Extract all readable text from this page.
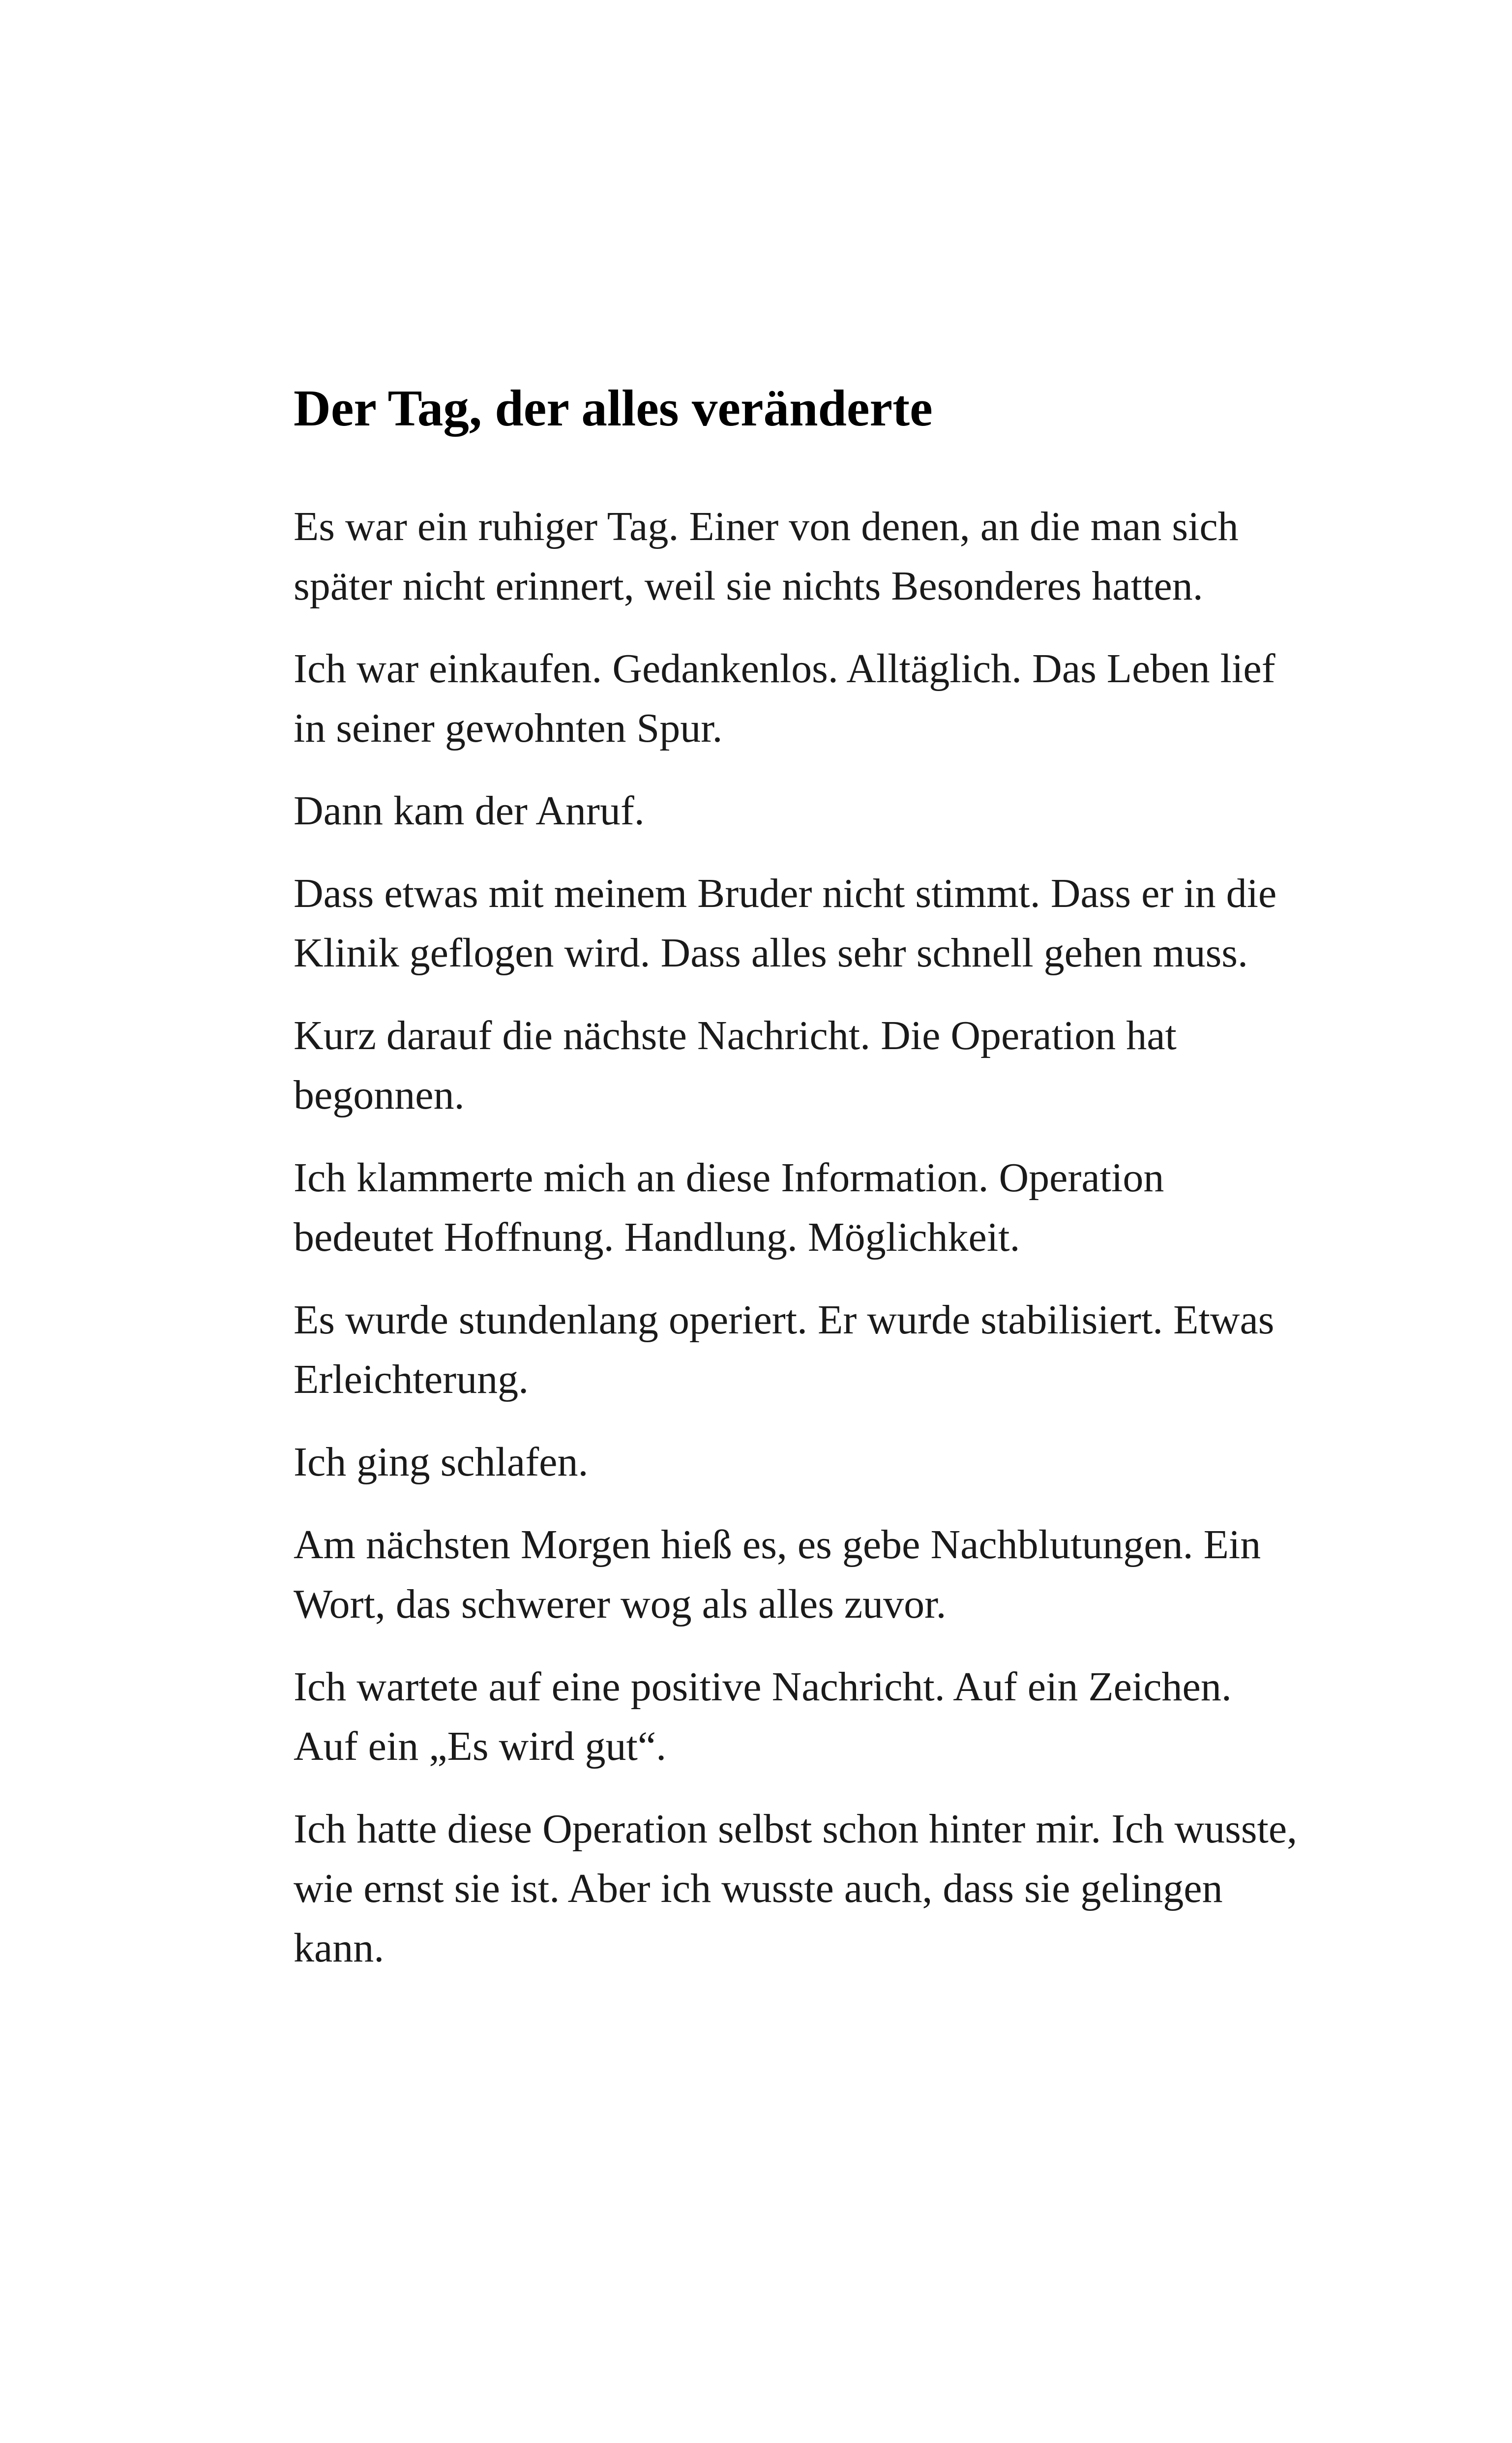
Der Tag, der alles veränderte

Es war ein ruhiger Tag. Einer von denen, an die man sich später nicht erinnert, weil sie nichts Besonderes hatten.

Ich war einkaufen. Gedankenlos. Alltäglich. Das Leben lief in seiner gewohnten Spur.

Dann kam der Anruf.

Dass etwas mit meinem Bruder nicht stimmt. Dass er in die Klinik geflogen wird. Dass alles sehr schnell gehen muss.

Kurz darauf die nächste Nachricht. Die Operation hat begonnen.

Ich klammerte mich an diese Information. Operation bedeutet Hoffnung. Handlung. Möglichkeit.

Es wurde stundenlang operiert. Er wurde stabilisiert. Etwas Erleichterung.

Ich ging schlafen.

Am nächsten Morgen hieß es, es gebe Nachblutungen. Ein Wort, das schwerer wog als alles zuvor.

Ich wartete auf eine positive Nachricht. Auf ein Zeichen. Auf ein „Es wird gut“.

Ich hatte diese Operation selbst schon hinter mir. Ich wusste, wie ernst sie ist. Aber ich wusste auch, dass sie gelingen kann.
